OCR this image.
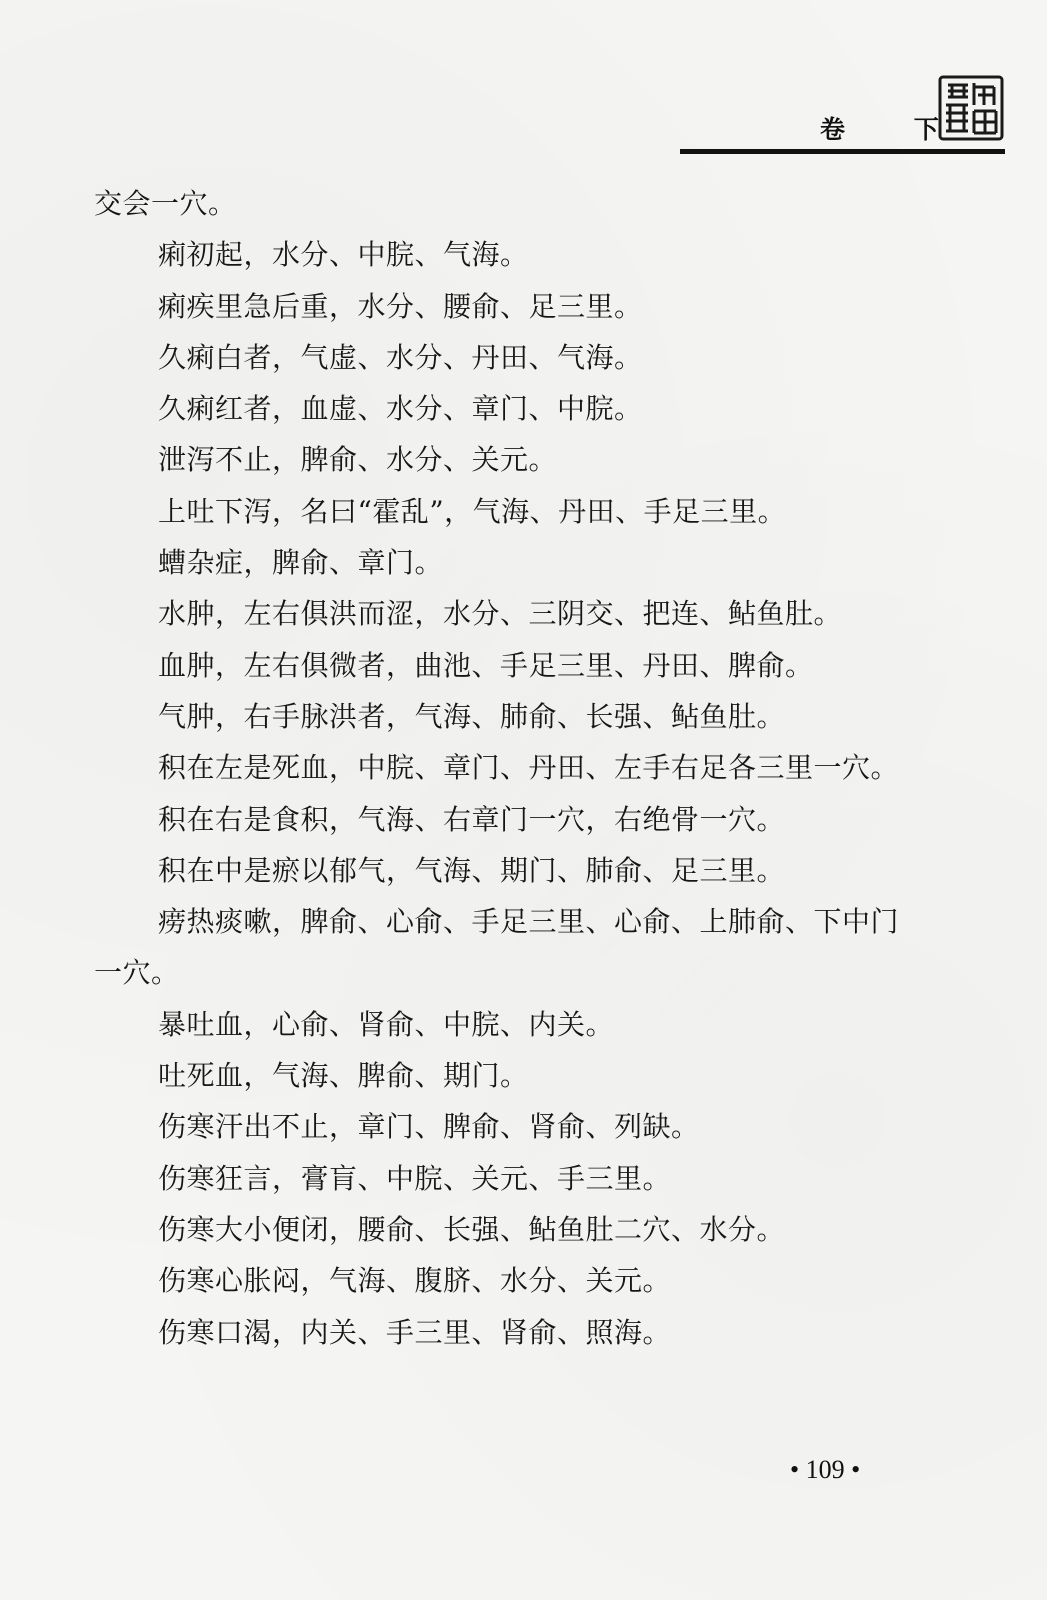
卷 下

交会一穴。

痢初起，水分、中脘、气海。

痢疾里急后重，水分、腰俞、足三里。

久痢白者，气虚、水分、丹田、气海。

久痢红者，血虚、水分、章门、中脘。

泄泻不止，脾俞、水分、关元。

上吐下泻，名曰“霍乱”，气海、丹田、手足三里。

螬杂症，脾俞、章门。

水肿，左右俱洪而涩，水分、三阴交、把连、鲇鱼肚。

血肿，左右俱微者，曲池、手足三里、丹田、脾俞。

气肿，右手脉洪者，气海、肺俞、长强、鲇鱼肚。

积在左是死血，中脘、章门、丹田、左手右足各三里一穴。

积在右是食积，气海、右章门一穴，右绝骨一穴。

积在中是瘀以郁气，气海、期门、肺俞、足三里。

痨热痰嗽，脾俞、心俞、手足三里、心俞、上肺俞、下中门

一穴。

暴吐血，心俞、肾俞、中脘、内关。

吐死血，气海、脾俞、期门。

伤寒汗出不止，章门、脾俞、肾俞、列缺。

伤寒狂言，膏肓、中脘、关元、手三里。

伤寒大小便闭，腰俞、长强、鲇鱼肚二穴、水分。

伤寒心胀闷，气海、腹脐、水分、关元。

伤寒口渴，内关、手三里、肾俞、照海。

• 109 •
